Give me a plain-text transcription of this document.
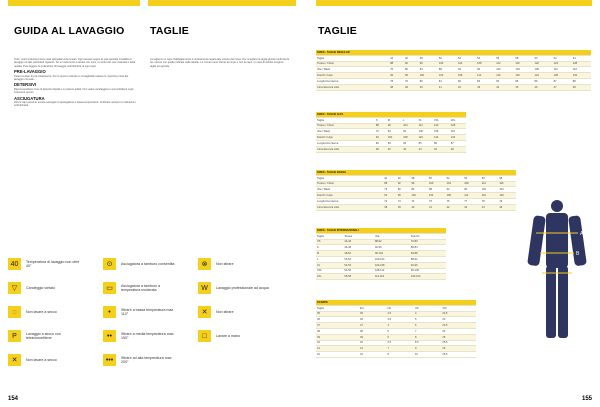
GUIDA AL LAVAGGIO TAGLIE
Tutti i nostri indumenti sono stati appositamente testati. Ogni tessuto segue la sua speciale modalità di lavaggio ed altri particolari riguardo. Se un indumento è lavato con cura, è merito dei suoi materiali e della qualità. Puoi leggere le indicazioni di lavaggio sull'etichetta di ogni capo.
PRE-LAVAGGIO
Usare la dose di pre-trattamento. Per lo sporco ostinato è consigliabile trattare le macchie prima del lavaggio normale.
DETERSIVI
Raccomandiamo l'uso di detersivi liquidi e in polvere adatti. Non usare candeggina e ammorbidenti sugli indumenti tecnici.
ASCIUGATURA
Alcuni capi possono essere asciugati in asciugatrice a bassa temperatura. Verificare sempre le indicazioni sull'etichetta.
La taglia di un capo d'abbigliamento è strettamente legata alle misure del corpo. Per scegliere la taglia giusta confronta le tue misure con quelle indicate nelle tabelle. Le misure sono riferite al corpo e non al capo. In caso di dubbio scegli la taglia più grande.
40	Temperatura di lavaggio non oltre 40°
▽	Candeggio vietato
◌	Non lavare a secco
P	Lavaggio a secco con tetracloroetilene
✕	Non lavare a secco
⊙	Asciugatura a tamburo consentita
▭	Asciugatura a tamburo a temperatura moderata
•	Stirare a bassa temperatura max 110°
••	Stirare a media temperatura max 150°
•••	Stirare ad alta temperatura max 200°
⊗	Non stirare
W	Lavaggio professionale ad acqua
✕	Non stirare
□	Lavare a mano
154
TAGLIE
SIZES - TAGLIE REGULAR											
Taglia	44	46	48	50	52	54	56	58	60	62	64
Torace / Chest	88	92	96	100	104	108	112	116	120	124	128
Vita / Waist	76	80	84	88	92	96	100	104	108	112	116
Fianchi / Hips	92	96	100	104	108	112	116	120	124	128	132
Lunghezza interna	78	79	80	81	82	83	84	85	86	87	88
Circonferenza collo	38	39	40	41	42	43	44	45	46	47	48
SIZES - TAGLIE ALTA						
Taglia	S	M	L	XL	XXL	3XL
Torace / Chest	88	96	104	112	120	128
Vita / Waist	76	84	92	100	108	116
Fianchi / Hips	92	100	108	116	124	132
Lunghezza interna	82	83	84	85	86	87
Circonferenza collo	38	40	42	44	46	48
SIZES - TAGLIE BASSA								
Taglia	44	46	48	50	52	54	56	58
Torace / Chest	88	92	96	100	104	108	112	116
Vita / Waist	76	80	84	88	92	96	100	104
Fianchi / Hips	92	96	100	104	108	112	116	120
Lunghezza interna	72	73	74	75	76	77	78	79
Circonferenza collo	38	39	40	41	42	43	44	45
SIZES - TAGLIE INTERNAZIONALI			
Taglia	Torace	Vita	Fianchi
XS	44-46	88-92	76-80
S	46-48	92-96	80-84
M	48-50	96-100	84-88
L	50-52	100-104	88-92
XL	52-54	104-108	92-96
XXL	54-56	108-112	96-100
3XL	56-58	112-116	100-104
SCARPE				
Taglia	EU	UK	US	CM
35	35	2.5	4	22.5
36	36	3.5	5	23
37	37	4	6	23.5
38	38	5	7	24
39	39	6	8	25
40	40	6.5	8.5	25.5
41	41	7	9	26
42	42	8	10	26.5
A
B
C
D
E
155
